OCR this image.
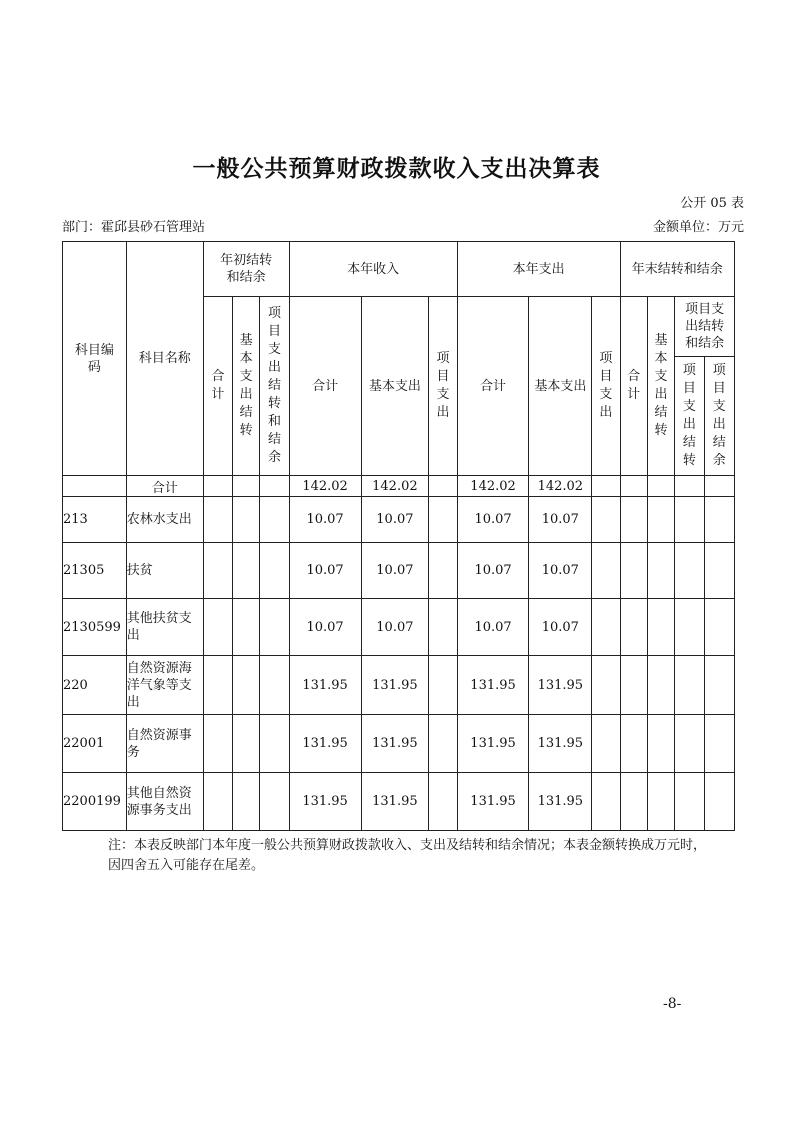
一般公共预算财政拨款收入支出决算表
公开 05 表
部门：霍邱县砂石管理站	金额单位：万元
科目编码	科目名称	年初结转和结余			本年收入			本年支出			年末结转和结余			
		合计	基本支出结转	项目支出结转和结余	合计	基本支出	项目支出	合计	基本支出	项目支出	合计	基本支出结转	项目支出结转和结余	
													项目支出结转	项目支出结余
	合计				142.02	142.02		142.02	142.02					
213	农林水支出				10.07	10.07		10.07	10.07					
21305	扶贫				10.07	10.07		10.07	10.07					
2130599	其他扶贫支出				10.07	10.07		10.07	10.07					
220	自然资源海洋气象等支出				131.95	131.95		131.95	131.95					
22001	自然资源事务				131.95	131.95		131.95	131.95					
2200199	其他自然资源事务支出				131.95	131.95		131.95	131.95					
注：本表反映部门本年度一般公共预算财政拨款收入、支出及结转和结余情况；本表金额转换成万元时，因四舍五入可能存在尾差。
-8-
